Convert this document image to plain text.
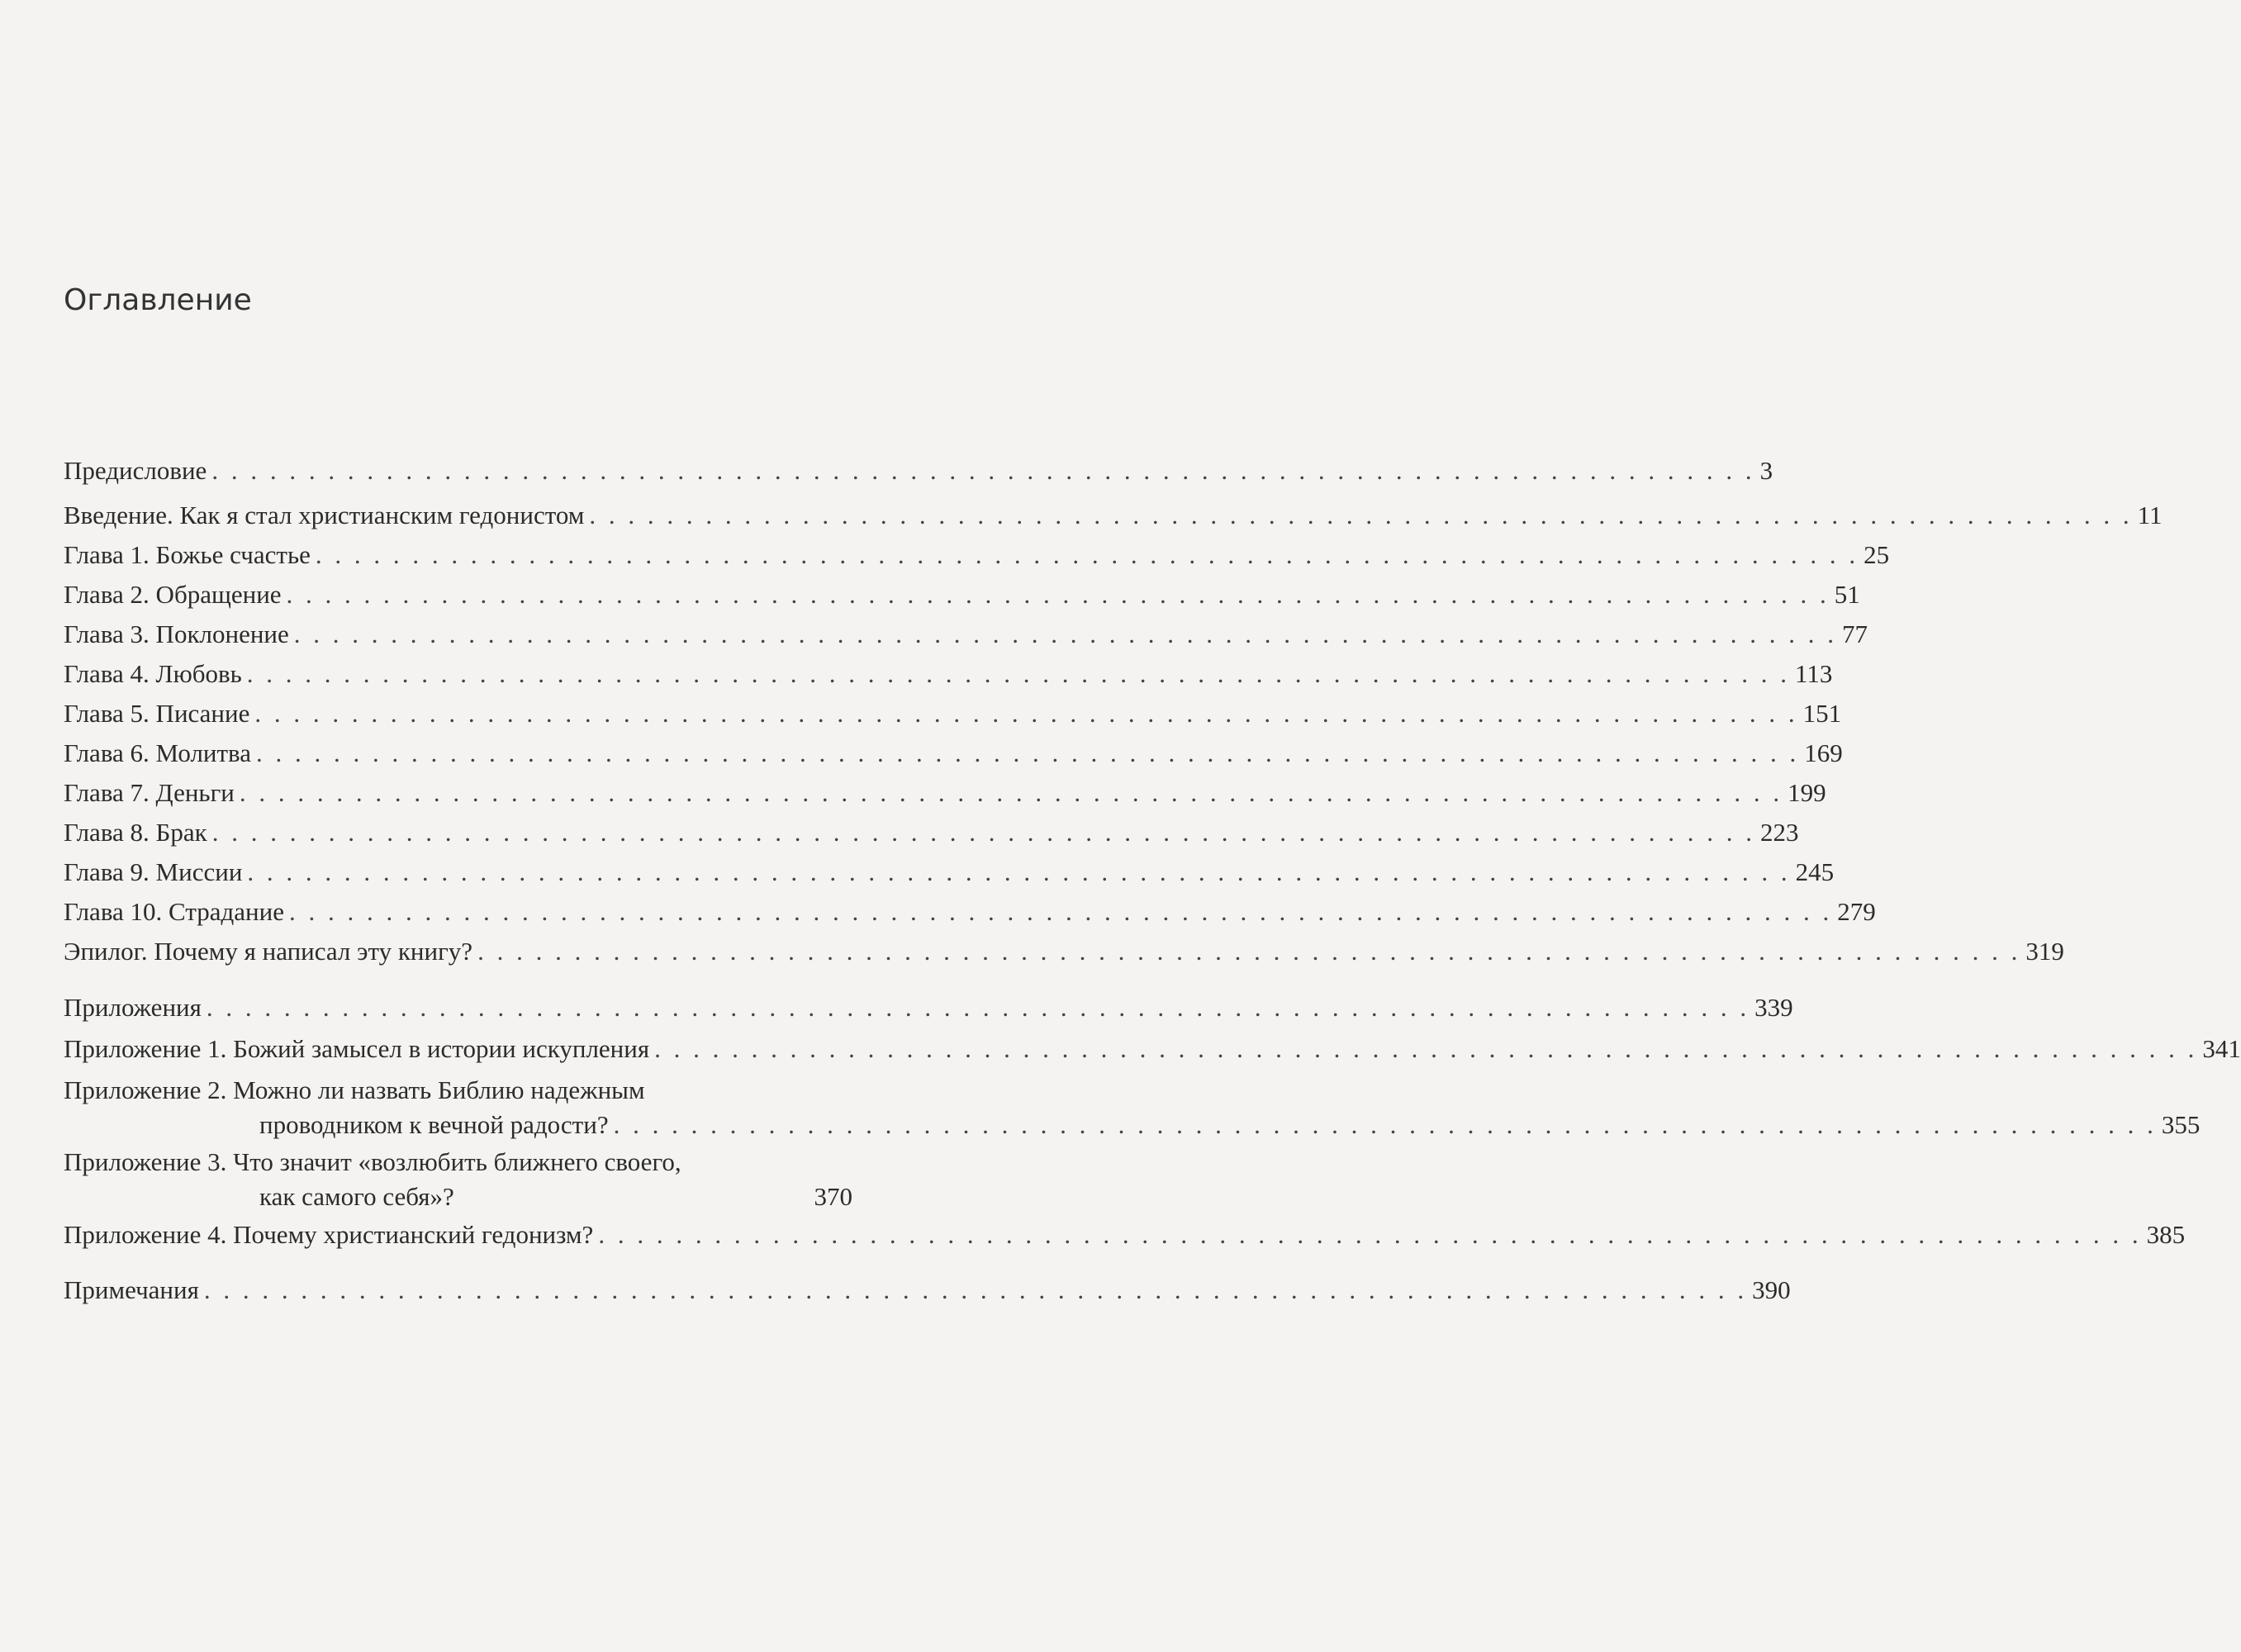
Оглавление
Предисловие . . . . . . . . . . . . . . . . . . . . . . . . . . . . . . . . . . . . . . . . . . . . . . . . . . . . . . . . . . . . . . . . . . . . . . . . . . . . . . . . 3
Введение. Как я стал христианским гедонистом . . . . . . . . . . . . . . . . . . . . . . . . . . . . . . . . . . . . . . . . . . . . . . . . . . . . . . . . . . . . . . . . . . . . . . . . . . . . . . . . 11
Глава 1. Божье счастье . . . . . . . . . . . . . . . . . . . . . . . . . . . . . . . . . . . . . . . . . . . . . . . . . . . . . . . . . . . . . . . . . . . . . . . . . . . . . . . . 25
Глава 2. Обращение . . . . . . . . . . . . . . . . . . . . . . . . . . . . . . . . . . . . . . . . . . . . . . . . . . . . . . . . . . . . . . . . . . . . . . . . . . . . . . . . 51
Глава 3. Поклонение . . . . . . . . . . . . . . . . . . . . . . . . . . . . . . . . . . . . . . . . . . . . . . . . . . . . . . . . . . . . . . . . . . . . . . . . . . . . . . . . 77
Глава 4. Любовь . . . . . . . . . . . . . . . . . . . . . . . . . . . . . . . . . . . . . . . . . . . . . . . . . . . . . . . . . . . . . . . . . . . . . . . . . . . . . . . . 113
Глава 5. Писание . . . . . . . . . . . . . . . . . . . . . . . . . . . . . . . . . . . . . . . . . . . . . . . . . . . . . . . . . . . . . . . . . . . . . . . . . . . . . . . . 151
Глава 6. Молитва . . . . . . . . . . . . . . . . . . . . . . . . . . . . . . . . . . . . . . . . . . . . . . . . . . . . . . . . . . . . . . . . . . . . . . . . . . . . . . . . 169
Глава 7. Деньги . . . . . . . . . . . . . . . . . . . . . . . . . . . . . . . . . . . . . . . . . . . . . . . . . . . . . . . . . . . . . . . . . . . . . . . . . . . . . . . . 199
Глава 8. Брак . . . . . . . . . . . . . . . . . . . . . . . . . . . . . . . . . . . . . . . . . . . . . . . . . . . . . . . . . . . . . . . . . . . . . . . . . . . . . . . . 223
Глава 9. Миссии . . . . . . . . . . . . . . . . . . . . . . . . . . . . . . . . . . . . . . . . . . . . . . . . . . . . . . . . . . . . . . . . . . . . . . . . . . . . . . . . 245
Глава 10. Страдание . . . . . . . . . . . . . . . . . . . . . . . . . . . . . . . . . . . . . . . . . . . . . . . . . . . . . . . . . . . . . . . . . . . . . . . . . . . . . . . . 279
Эпилог. Почему я написал эту книгу? . . . . . . . . . . . . . . . . . . . . . . . . . . . . . . . . . . . . . . . . . . . . . . . . . . . . . . . . . . . . . . . . . . . . . . . . . . . . . . . . 319
Приложения . . . . . . . . . . . . . . . . . . . . . . . . . . . . . . . . . . . . . . . . . . . . . . . . . . . . . . . . . . . . . . . . . . . . . . . . . . . . . . . . 339
Приложение 1. Божий замысел в истории искупления . . . . . . . . . . . . . . . . . . . . . . . . . . . . . . . . . . . . . . . . . . . . . . . . . . . . . . . . . . . . . . . . . . . . . . . . . . . . . . . . 341
Приложение 2. Можно ли назвать Библию надежным
проводником к вечной радости? . . . . . . . . . . . . . . . . . . . . . . . . . . . . . . . . . . . . . . . . . . . . . . . . . . . . . . . . . . . . . . . . . . . . . . . . . . . . . . . . 355
Приложение 3. Что значит «возлюбить ближнего своего,
как самого себя»?	370
Приложение 4. Почему христианский гедонизм? . . . . . . . . . . . . . . . . . . . . . . . . . . . . . . . . . . . . . . . . . . . . . . . . . . . . . . . . . . . . . . . . . . . . . . . . . . . . . . . . 385
Примечания . . . . . . . . . . . . . . . . . . . . . . . . . . . . . . . . . . . . . . . . . . . . . . . . . . . . . . . . . . . . . . . . . . . . . . . . . . . . . . . . 390
